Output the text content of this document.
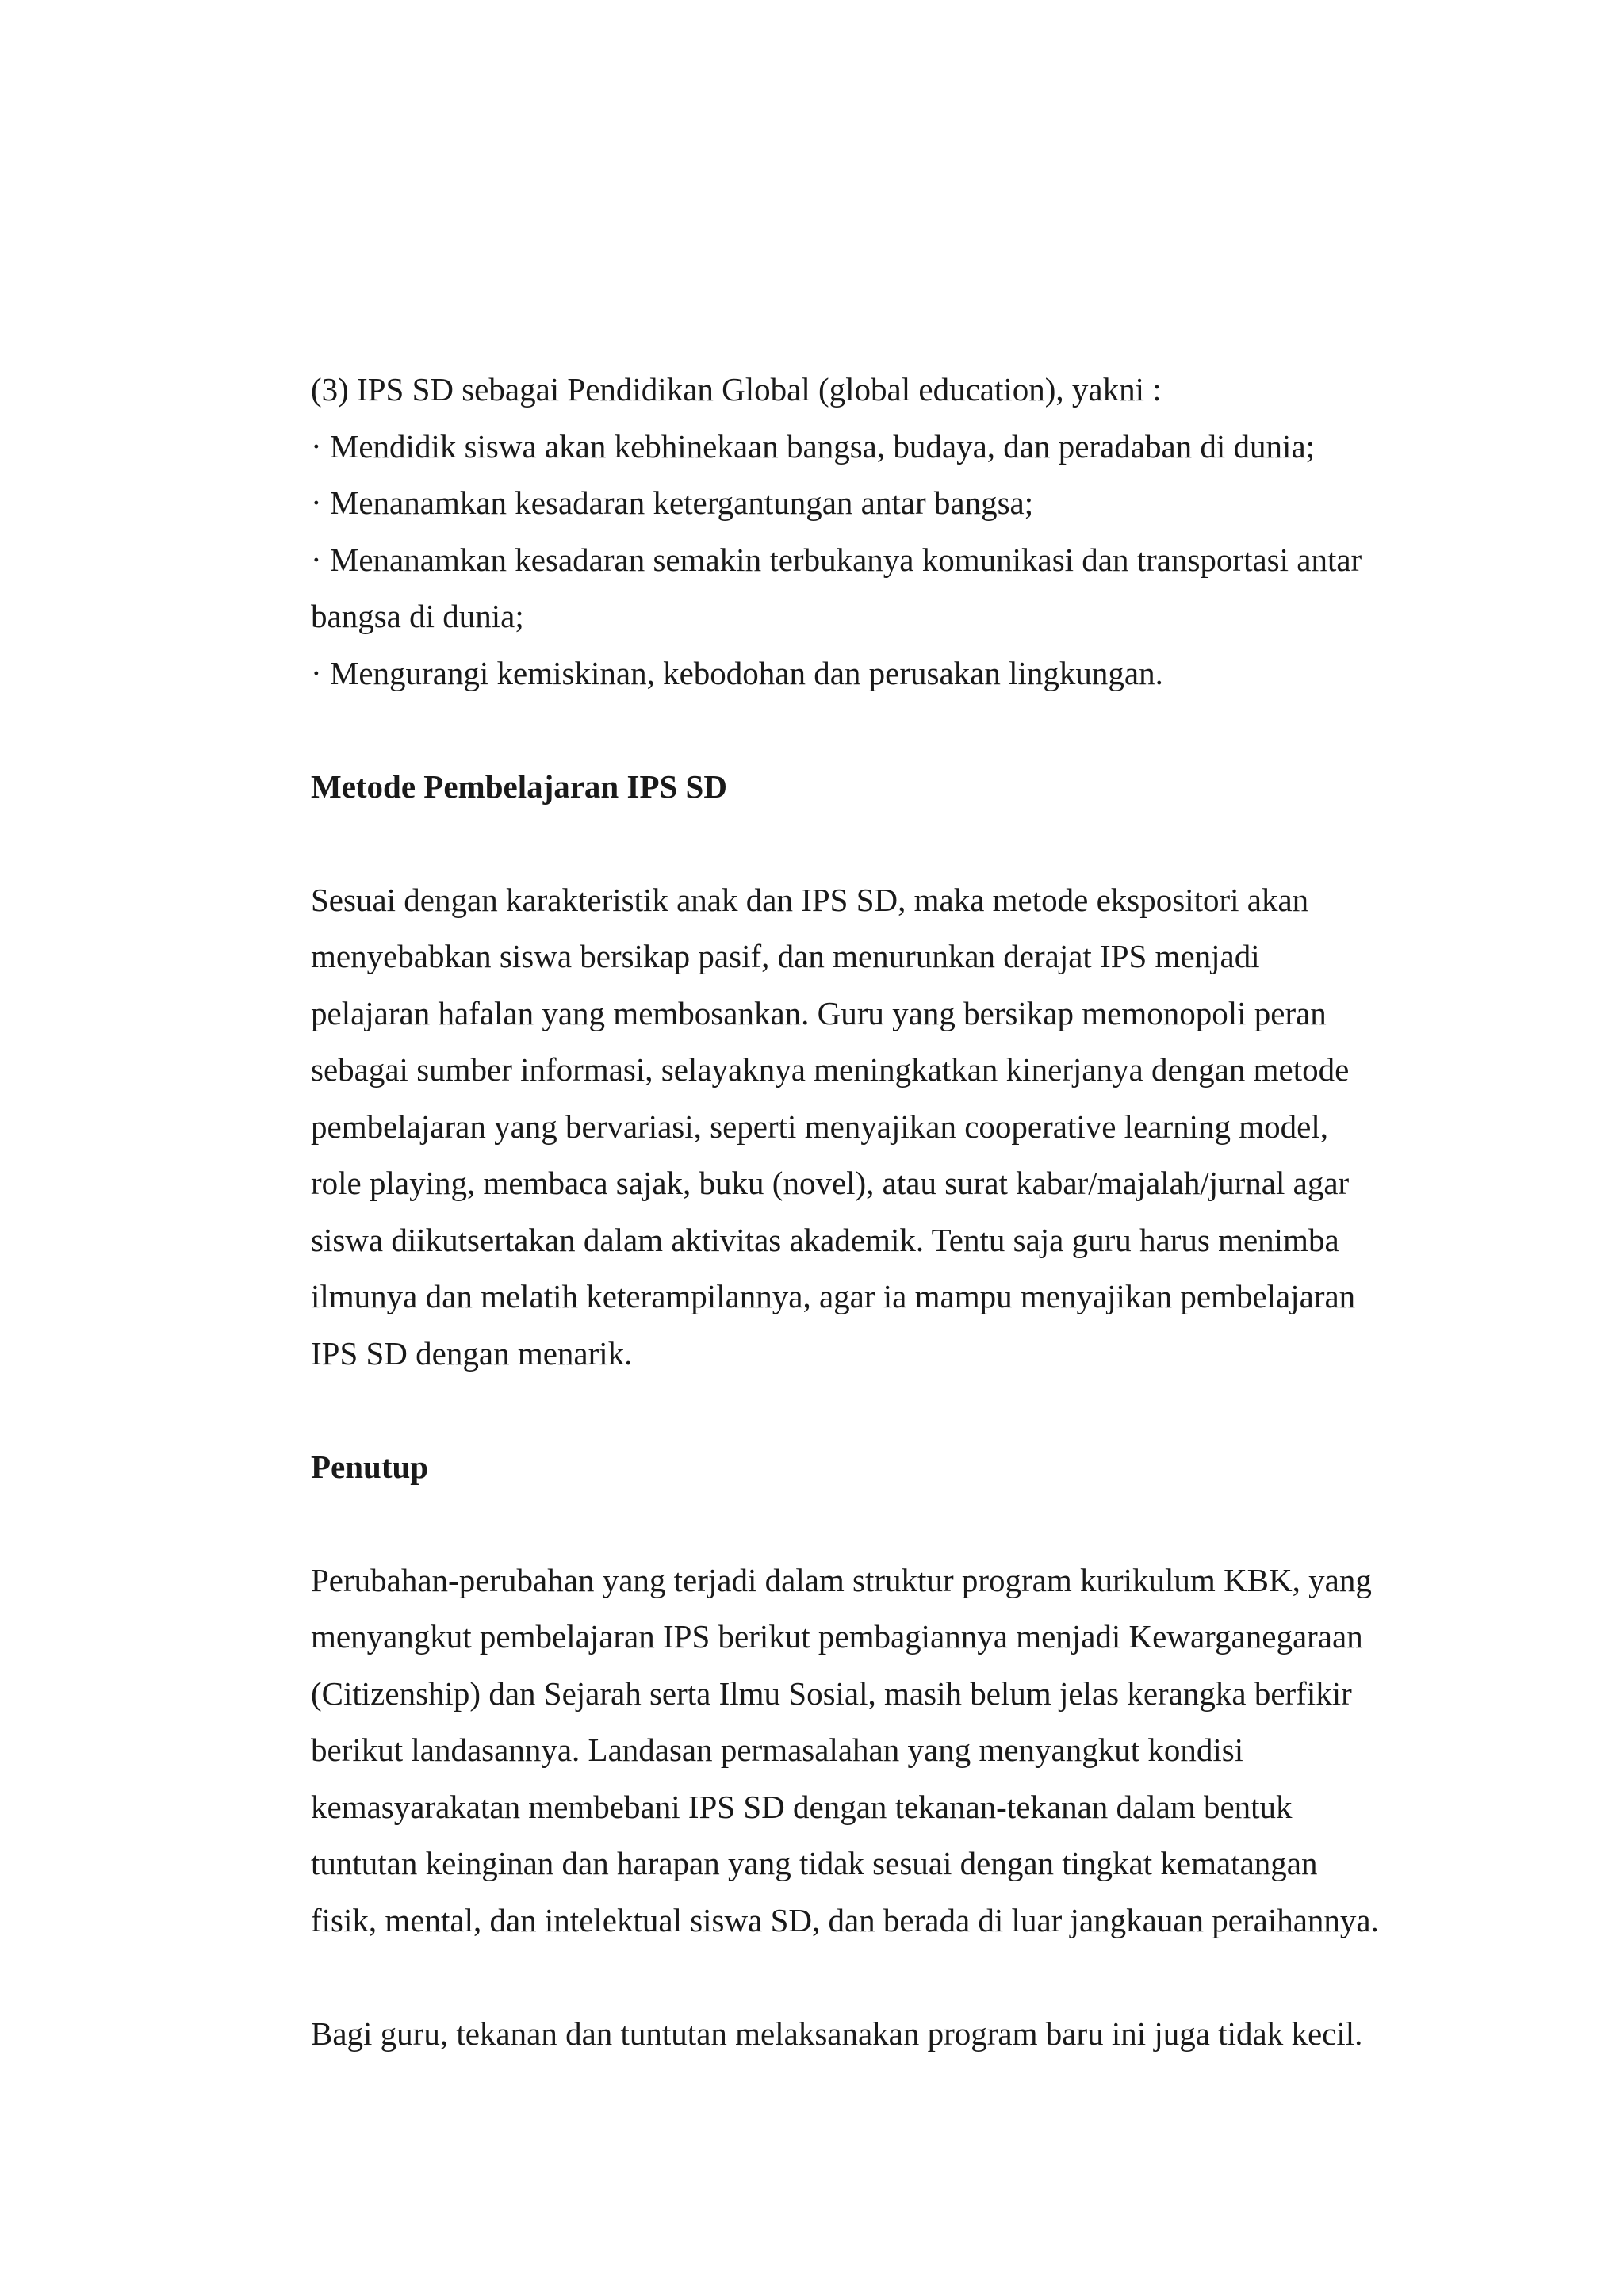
(3) IPS SD sebagai Pendidikan Global (global education), yakni :
· Mendidik siswa akan kebhinekaan bangsa, budaya, dan peradaban di dunia;
· Menanamkan kesadaran ketergantungan antar bangsa;
· Menanamkan kesadaran semakin terbukanya komunikasi dan transportasi antar
bangsa di dunia;
· Mengurangi kemiskinan, kebodohan dan perusakan lingkungan.
Metode Pembelajaran IPS SD
Sesuai dengan karakteristik anak dan IPS SD, maka metode ekspositori akan
menyebabkan siswa bersikap pasif, dan menurunkan derajat IPS menjadi
pelajaran hafalan yang membosankan. Guru yang bersikap memonopoli peran
sebagai sumber informasi, selayaknya meningkatkan kinerjanya dengan metode
pembelajaran yang bervariasi, seperti menyajikan cooperative learning model,
role playing, membaca sajak, buku (novel), atau surat kabar/majalah/jurnal agar
siswa diikutsertakan dalam aktivitas akademik. Tentu saja guru harus menimba
ilmunya dan melatih keterampilannya, agar ia mampu menyajikan pembelajaran
IPS SD dengan menarik.
Penutup
Perubahan-perubahan yang terjadi dalam struktur program kurikulum KBK, yang
menyangkut pembelajaran IPS berikut pembagiannya menjadi Kewarganegaraan
(Citizenship) dan Sejarah serta Ilmu Sosial, masih belum jelas kerangka berfikir
berikut landasannya. Landasan permasalahan yang menyangkut kondisi
kemasyarakatan membebani IPS SD dengan tekanan-tekanan dalam bentuk
tuntutan keinginan dan harapan yang tidak sesuai dengan tingkat kematangan
fisik, mental, dan intelektual siswa SD, dan berada di luar jangkauan peraihannya.
Bagi guru, tekanan dan tuntutan melaksanakan program baru ini juga tidak kecil.
